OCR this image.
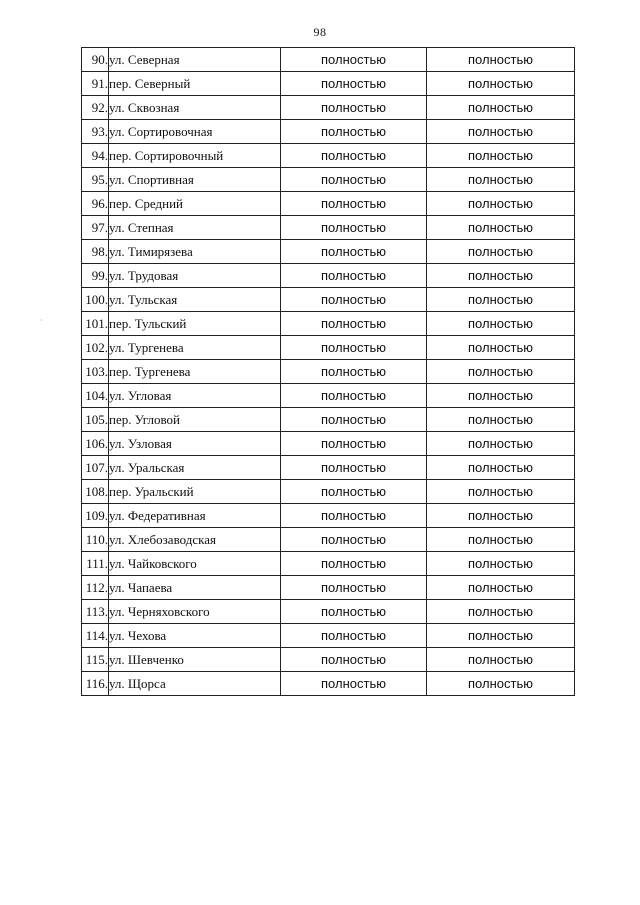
98
·
90.	ул. Северная	полностью	полностью
91.	пер. Северный	полностью	полностью
92.	ул. Сквозная	полностью	полностью
93.	ул. Сортировочная	полностью	полностью
94.	пер. Сортировочный	полностью	полностью
95.	ул. Спортивная	полностью	полностью
96.	пер. Средний	полностью	полностью
97.	ул. Степная	полностью	полностью
98.	ул. Тимирязева	полностью	полностью
99.	ул. Трудовая	полностью	полностью
100.	ул. Тульская	полностью	полностью
101.	пер. Тульский	полностью	полностью
102.	ул. Тургенева	полностью	полностью
103.	пер. Тургенева	полностью	полностью
104.	ул. Угловая	полностью	полностью
105.	пер. Угловой	полностью	полностью
106.	ул. Узловая	полностью	полностью
107.	ул. Уральская	полностью	полностью
108.	пер. Уральский	полностью	полностью
109.	ул. Федеративная	полностью	полностью
110.	ул. Хлебозаводская	полностью	полностью
111.	ул. Чайковского	полностью	полностью
112.	ул. Чапаева	полностью	полностью
113.	ул. Черняховского	полностью	полностью
114.	ул. Чехова	полностью	полностью
115.	ул. Шевченко	полностью	полностью
116.	ул. Щорса	полностью	полностью
